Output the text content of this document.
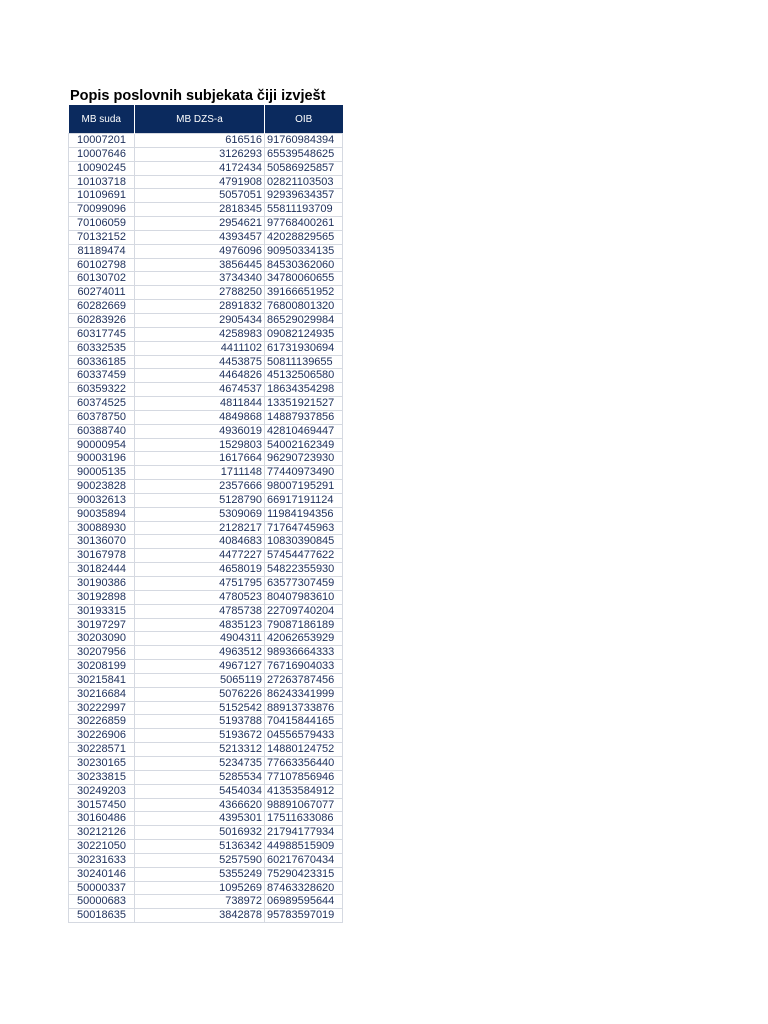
Popis poslovnih subjekata čiji izvješt
MB suda	MB DZS-a	OIB
10007201	616516	91760984394
10007646	3126293	65539548625
10090245	4172434	50586925857
10103718	4791908	02821103503
10109691	5057051	92939634357
70099096	2818345	55811193709
70106059	2954621	97768400261
70132152	4393457	42028829565
81189474	4976096	90950334135
60102798	3856445	84530362060
60130702	3734340	34780060655
60274011	2788250	39166651952
60282669	2891832	76800801320
60283926	2905434	86529029984
60317745	4258983	09082124935
60332535	4411102	61731930694
60336185	4453875	50811139655
60337459	4464826	45132506580
60359322	4674537	18634354298
60374525	4811844	13351921527
60378750	4849868	14887937856
60388740	4936019	42810469447
90000954	1529803	54002162349
90003196	1617664	96290723930
90005135	1711148	77440973490
90023828	2357666	98007195291
90032613	5128790	66917191124
90035894	5309069	11984194356
30088930	2128217	71764745963
30136070	4084683	10830390845
30167978	4477227	57454477622
30182444	4658019	54822355930
30190386	4751795	63577307459
30192898	4780523	80407983610
30193315	4785738	22709740204
30197297	4835123	79087186189
30203090	4904311	42062653929
30207956	4963512	98936664333
30208199	4967127	76716904033
30215841	5065119	27263787456
30216684	5076226	86243341999
30222997	5152542	88913733876
30226859	5193788	70415844165
30226906	5193672	04556579433
30228571	5213312	14880124752
30230165	5234735	77663356440
30233815	5285534	77107856946
30249203	5454034	41353584912
30157450	4366620	98891067077
30160486	4395301	17511633086
30212126	5016932	21794177934
30221050	5136342	44988515909
30231633	5257590	60217670434
30240146	5355249	75290423315
50000337	1095269	87463328620
50000683	738972	06989595644
50018635	3842878	95783597019
